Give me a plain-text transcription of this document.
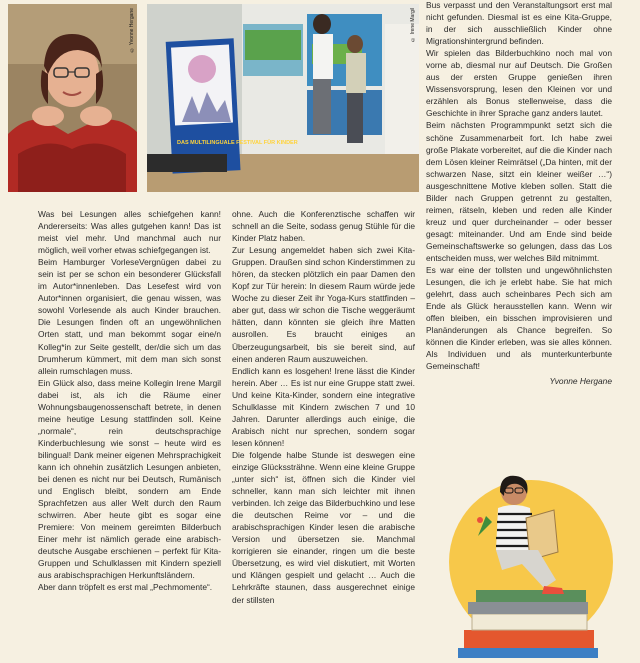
© Yvonne Hergane
DAS MULTILINGUALE FESTIVAL FÜR KINDER
© Irene Margil

Was bei Lesungen alles schiefgehen kann! Andererseits: Was alles gutgehen kann! Das ist meist viel mehr. Und manchmal auch nur möglich, weil vorher etwas schiefgegangen ist.

Beim Hamburger VorleseVergnügen dabei zu sein ist per se schon ein besonderer Glücksfall im Autor*innenleben. Das Lesefest wird von Autor*innen organisiert, die genau wissen, was sowohl Vorlesende als auch Kinder brauchen. Die Lesungen finden oft an ungewöhnlichen Orten statt, und man bekommt sogar eine/n Kolleg*in zur Seite gestellt, der/die sich um das Drumherum kümmert, mit dem man sich sonst allein rumschlagen muss.

Ein Glück also, dass meine Kollegin Irene Margil dabei ist, als ich die Räume einer Wohnungsbaugenossenschaft betrete, in denen meine heutige Lesung stattfinden soll. Keine „normale“, rein deutschsprachige Kinderbuchlesung wie sonst – heute wird es bilingual! Dank meiner eigenen Mehrsprachigkeit kann ich ohnehin zusätzlich Lesungen anbieten, bei denen es nicht nur bei Deutsch, Rumänisch und Englisch bleibt, sondern am Ende Sprachfetzen aus aller Welt durch den Raum schwirren. Aber heute gibt es sogar eine Premiere: Von meinem gereimten Bilderbuch Einer mehr ist nämlich gerade eine arabisch-deutsche Ausgabe erschienen – perfekt für Kita-Gruppen und Schulklassen mit Kindern speziell aus arabischsprachigen Herkunftsländern.

Aber dann tröpfelt es erst mal „Pechmomente“.

ohne. Auch die Konferenztische schaffen wir schnell an die Seite, sodass genug Stühle für die Kinder Platz haben.

Zur Lesung angemeldet haben sich zwei Kita-Gruppen. Draußen sind schon Kinderstimmen zu hören, da stecken plötzlich ein paar Damen den Kopf zur Tür herein: In diesem Raum würde jede Woche zu dieser Zeit ihr Yoga-Kurs stattfinden – aber gut, dass wir schon die Tische weggeräumt hätten, dann könnten sie gleich ihre Matten ausrollen. Es braucht einiges an Überzeugungsarbeit, bis sie bereit sind, auf einen anderen Raum auszuweichen.

Endlich kann es losgehen! Irene lässt die Kinder herein. Aber … Es ist nur eine Gruppe statt zwei. Und keine Kita-Kinder, sondern eine integrative Schulklasse mit Kindern zwischen 7 und 10 Jahren. Darunter allerdings auch einige, die Arabisch nicht nur sprechen, sondern sogar lesen können!

Die folgende halbe Stunde ist deswegen eine einzige Glückssträhne. Wenn eine kleine Gruppe „unter sich“ ist, öffnen sich die Kinder viel schneller, kann man sich leichter mit ihnen verbinden. Ich zeige das Bilderbuchkino und lese die deutschen Reime vor – und die arabischsprachigen Kinder lesen die arabische Version und übersetzen sie. Manchmal korrigieren sie einander, ringen um die beste Übersetzung, es wird viel diskutiert, mit Worten und Klängen gespielt und gelacht … Auch die Lehrkräfte staunen, dass ausgerechnet einige der stillsten

Bus verpasst und den Veranstaltungsort erst mal nicht gefunden. Diesmal ist es eine Kita-Gruppe, in der sich ausschließlich Kinder ohne Migrationshintergrund befinden.

Wir spielen das Bilderbuchkino noch mal von vorne ab, diesmal nur auf Deutsch. Die Großen aus der ersten Gruppe genießen ihren Wissensvorsprung, lesen den Kleinen vor und erzählen als Bonus stellenweise, dass die Geschichte in ihrer Sprache ganz anders lautet.

Beim nächsten Programmpunkt setzt sich die schöne Zusammenarbeit fort. Ich habe zwei große Plakate vorbereitet, auf die die Kinder nach dem Lösen kleiner Reimrätsel („Da hinten, mit der schwarzen Nase, sitzt ein kleiner weißer …“) ausgeschnittene Motive kleben sollen. Statt die Bilder nach Gruppen getrennt zu gestalten, reimen, rätseln, kleben und reden alle Kinder kreuz und quer durcheinander – oder besser gesagt: miteinander. Und am Ende sind beide Gemeinschaftswerke so gelungen, dass das Los entscheiden muss, wer welches Bild mitnimmt.

Es war eine der tollsten und ungewöhnlichsten Lesungen, die ich je erlebt habe. Sie hat mich gelehrt, dass auch scheinbares Pech sich am Ende als Glück herausstellen kann. Wenn wir offen bleiben, ein bisschen improvisieren und Planänderungen als Chance begreifen. So können die Kinder erleben, was sie alles können. Als Individuen und als munterkunterbunte Gemeinschaft!

Yvonne Hergane
